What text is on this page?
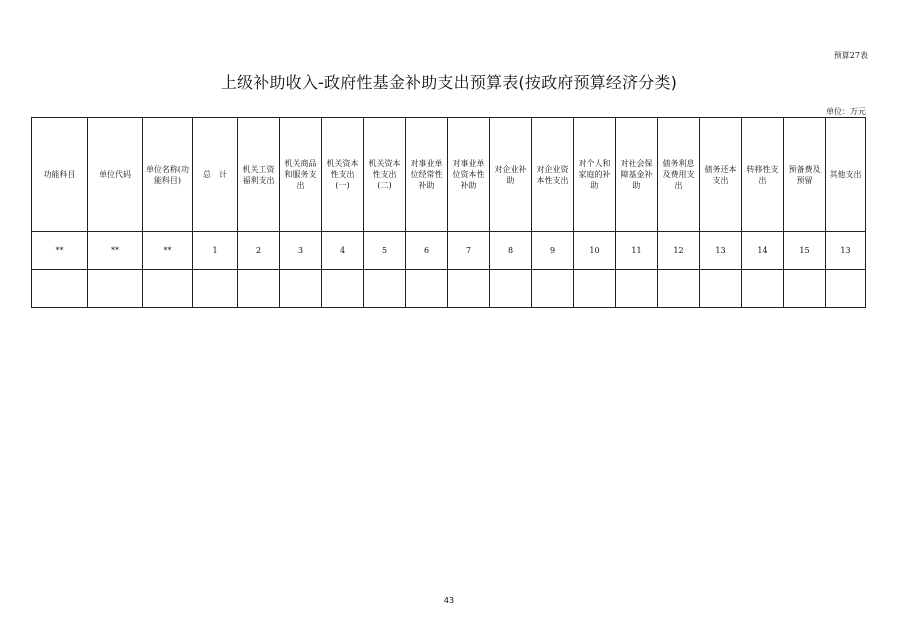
预算27表
上级补助收入-政府性基金补助支出预算表(按政府预算经济分类)
单位：万元
功能科目	单位代码	单位名称(功能科目)	总　计	机关工资福利支出	机关商品和服务支出	机关资本性支出(一)	机关资本性支出(二)	对事业单位经常性补助	对事业单位资本性补助	对企业补助	对企业资本性支出	对个人和家庭的补助	对社会保障基金补助	债务利息及费用支出	债务还本支出	转移性支出	预备费及预留	其他支出
**	**	**	1	2	3	4	5	6	7	8	9	10	11	12	13	14	15	13

43
